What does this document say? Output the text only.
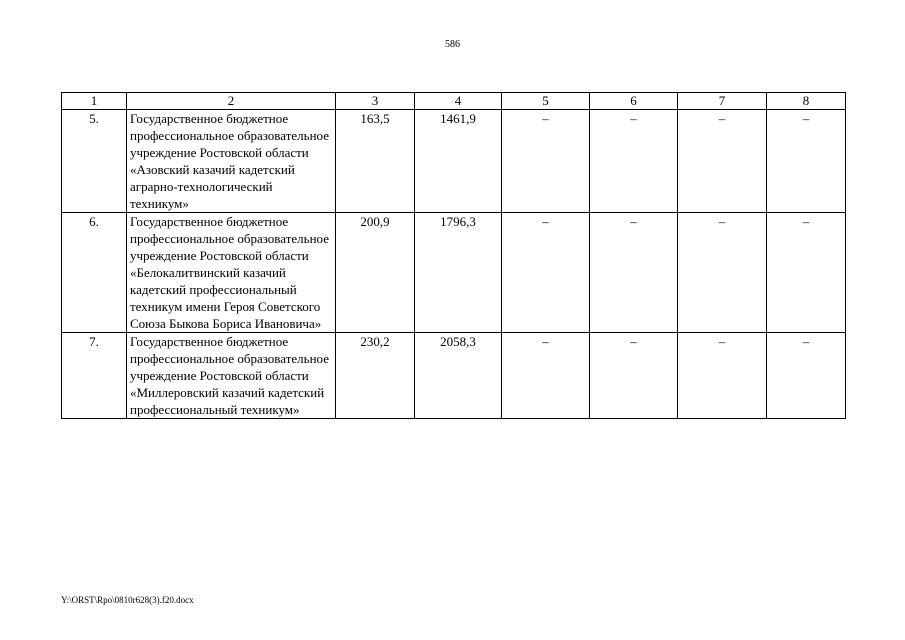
586
1	2	3	4	5	6	7	8
5.	Государственное бюджетное профессиональное образовательное учреждение Ростовской области «Азовский казачий кадетский аграрно-технологический техникум»	163,5	1461,9	–	–	–	–
6.	Государственное бюджетное профессиональное образовательное учреждение Ростовской области «Белокалитвинский казачий кадетский профессиональный техникум имени Героя Советского Союза Быкова Бориса Ивановича»	200,9	1796,3	–	–	–	–
7.	Государственное бюджетное профессиональное образовательное учреждение Ростовской области «Миллеровский казачий кадетский профессиональный техникум»	230,2	2058,3	–	–	–	–
Y:\ORST\Rpo\0810r628(3).f20.docx
